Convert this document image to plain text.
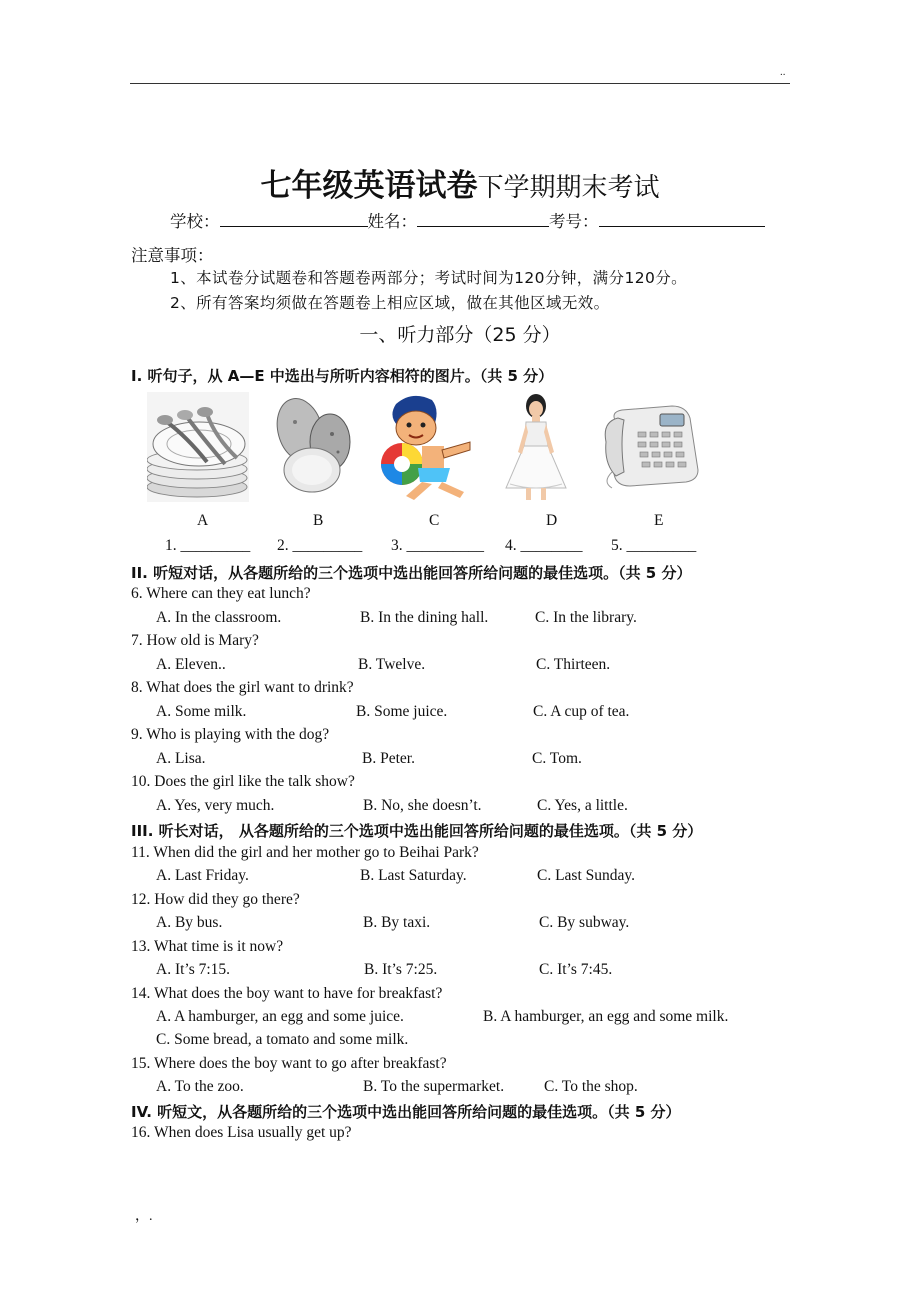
..
七年级英语试卷下学期期末考试
学校：	姓名：	考号：
注意事项：
1、本试卷分试题卷和答题卷两部分；考试时间为120分钟，满分120分。
2、所有答案均须做在答题卷上相应区域，做在其他区域无效。
一、听力部分（25 分）
I. 听句子，从 A—E 中选出与所听内容相符的图片。（共 5 分）
A	B	C	D	E
1. _________ 2. _________ 3. __________ 4. ________ 5. _________
II. 听短对话，从各题所给的三个选项中选出能回答所给问题的最佳选项。（共 5 分）
6. Where can they eat lunch?
A. In the classroom.	B. In the dining hall.	C. In the library.
7. How old is Mary?
A. Eleven..	B. Twelve.	C. Thirteen.
8. What does the girl want to drink?
A. Some milk.	B. Some juice.	C. A cup of tea.
9. Who is playing with the dog?
A. Lisa.	B. Peter.	C. Tom.
10. Does the girl like the talk show?
A. Yes, very much.	B. No, she doesn’t.	C. Yes, a little.
III. 听长对话， 从各题所给的三个选项中选出能回答所给问题的最佳选项。（共 5 分）
11. When did the girl and her mother go to Beihai Park?
A. Last Friday.	B. Last Saturday.	C. Last Sunday.
12. How did they go there?
A. By bus.	B. By taxi.	C. By subway.
13. What time is it now?
A. It’s 7:15.	B. It’s 7:25.	C. It’s 7:45.
14. What does the boy want to have for breakfast?
A. A hamburger, an egg and some juice.	B. A hamburger, an egg and some milk.
C. Some bread, a tomato and some milk.
15. Where does the boy want to go after breakfast?
A. To the zoo.	B. To the supermarket.	C. To the shop.
IV. 听短文，从各题所给的三个选项中选出能回答所给问题的最佳选项。（共 5 分）
16. When does Lisa usually get up?
，.
